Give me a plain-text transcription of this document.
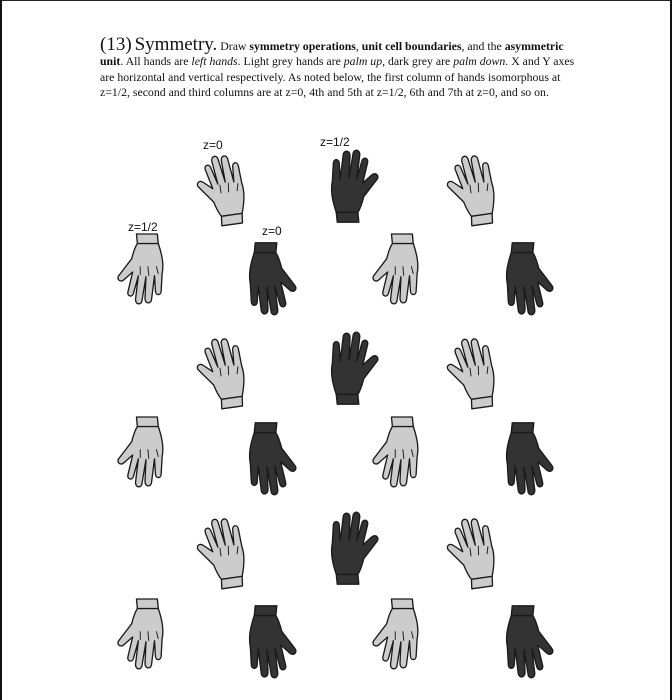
(13) Symmetry. Draw symmetry operations, unit cell boundaries, and the asymmetric unit. All hands are left hands. Light grey hands are palm up, dark grey are palm down. X and Y axes are horizontal and vertical respectively. As noted below, the first column of hands isomorphous at z=1/2, second and third columns are at z=0, 4th and 5th at z=1/2, 6th and 7th at z=0, and so on.
z=0	z=1/2
z=1/2	z=0
